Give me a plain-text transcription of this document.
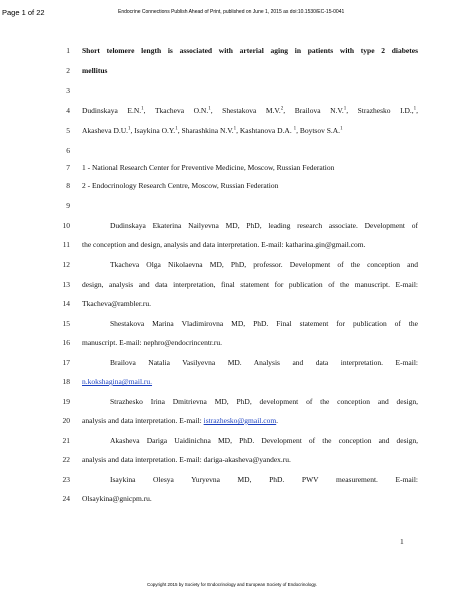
Page 1 of 22	Endocrine Connections Publish Ahead of Print, published on June 1, 2015 as doi:10.1530/EC-15-0041
1 Short telomere length is associated with arterial aging in patients with type 2 diabetes
2 mellitus
3
4 Dudinskaya E.N.$^1$, Tkacheva O.N.$^1$, Shestakova M.V.$^2$, Brailova N.V.$^1$, Strazhesko I.D.,$^1$,
5 Akasheva D.U.$^1$, Isaykina O.Y.$^1$, Sharashkina N.V.$^1$, Kashtanova D.A. $^1$, Boytsov S.A.$^1$
6
7 1 - National Research Center for Preventive Medicine, Moscow, Russian Federation
8 2 - Endocrinology Research Centre, Moscow, Russian Federation
9
10	Dudinskaya Ekaterina Nailyevna MD, PhD, leading research associate. Development of
11 the conception and design, analysis and data interpretation. E-mail: katharina.gin@gmail.com.
12	Tkacheva Olga Nikolaevna MD, PhD, professor. Development of the conception and
13 design, analysis and data interpretation, final statement for publication of the manuscript. E-mail:
14 Tkacheva@rambler.ru.
15	Shestakova Marina Vladimirovna MD, PhD. Final statement for publication of the
16 manuscript. E-mail: nephro@endocrincentr.ru.
17	Brailova Natalia Vasilyevna MD. Analysis and data interpretation. E-mail:
18 n.kokshagina@mail.ru.
19	Strazhesko Irina Dmitrievna MD, PhD, development of the conception and design,
20 analysis and data interpretation. E-mail: istrazhesko@gmail.com.
21	Akasheva Dariga Uaidinichna MD, PhD. Development of the conception and design,
22 analysis and data interpretation. E-mail: dariga-akasheva@yandex.ru.
23	Isaykina Olesya Yuryevna MD, PhD. PWV measurement. E-mail:
24 Olsaykina@gnicpm.ru.
1
Copyright 2015 by Society for Endocrinology and European Society of Endocrinology.
